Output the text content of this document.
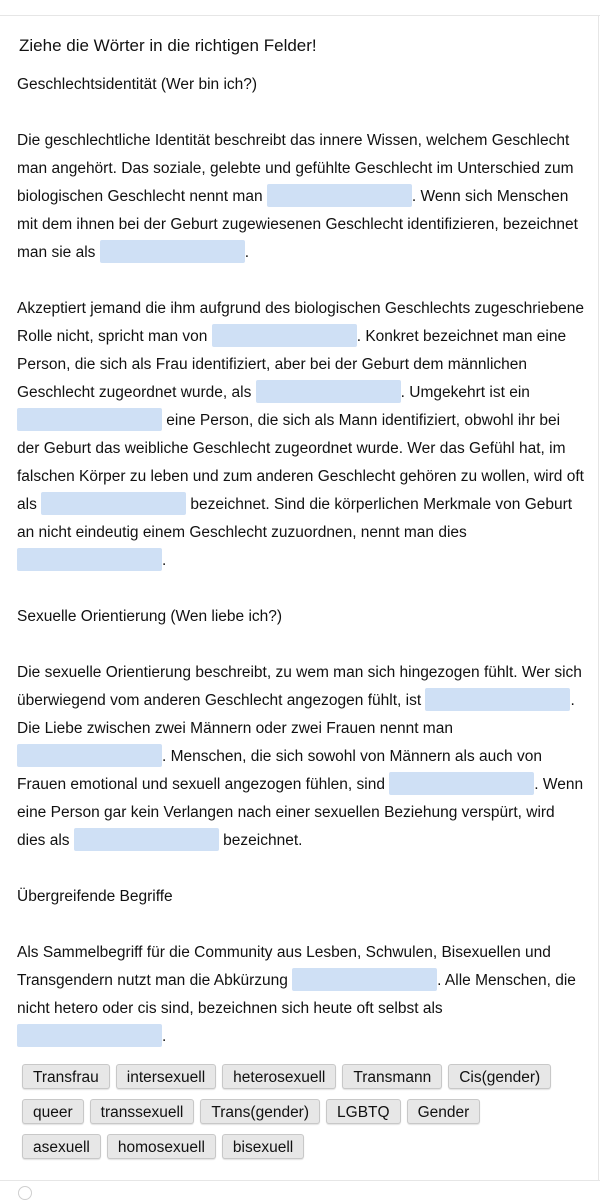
Ziehe die Wörter in die richtigen Felder!

Geschlechtsidentität (Wer bin ich?)

Die geschlechtliche Identität beschreibt das innere Wissen, welchem Geschlecht man angehört. Das soziale, gelebte und gefühlte Geschlecht im Unterschied zum biologischen Geschlecht nennt man	. Wenn sich Menschen mit dem ihnen bei der Geburt zugewiesenen Geschlecht identifizieren, bezeichnet man sie als	.

Akzeptiert jemand die ihm aufgrund des biologischen Geschlechts zugeschriebene Rolle nicht, spricht man von	. Konkret bezeichnet man eine Person, die sich als Frau identifiziert, aber bei der Geburt dem männlichen Geschlecht zugeordnet wurde, als	. Umgekehrt ist ein  eine Person, die sich als Mann identifiziert, obwohl ihr bei der Geburt das weibliche Geschlecht zugeordnet wurde. Wer das Gefühl hat, im falschen Körper zu leben und zum anderen Geschlecht gehören zu wollen, wird oft als	bezeichnet. Sind die körperlichen Merkmale von Geburt an nicht eindeutig einem Geschlecht zuzuordnen, nennt man dies .

Sexuelle Orientierung (Wen liebe ich?)

Die sexuelle Orientierung beschreibt, zu wem man sich hingezogen fühlt. Wer sich überwiegend vom anderen Geschlecht angezogen fühlt, ist	. Die Liebe zwischen zwei Männern oder zwei Frauen nennt man . Menschen, die sich sowohl von Männern als auch von Frauen emotional und sexuell angezogen fühlen, sind	. Wenn eine Person gar kein Verlangen nach einer sexuellen Beziehung verspürt, wird dies als	bezeichnet.

Übergreifende Begriffe

Als Sammelbegriff für die Community aus Lesben, Schwulen, Bisexuellen und Transgendern nutzt man die Abkürzung	. Alle Menschen, die nicht hetero oder cis sind, bezeichnen sich heute oft selbst als .

Transfrau intersexuell heterosexuell Transmann Cis(gender)
queer transsexuell Trans(gender) LGBTQ Gender
asexuell homosexuell bisexuell
